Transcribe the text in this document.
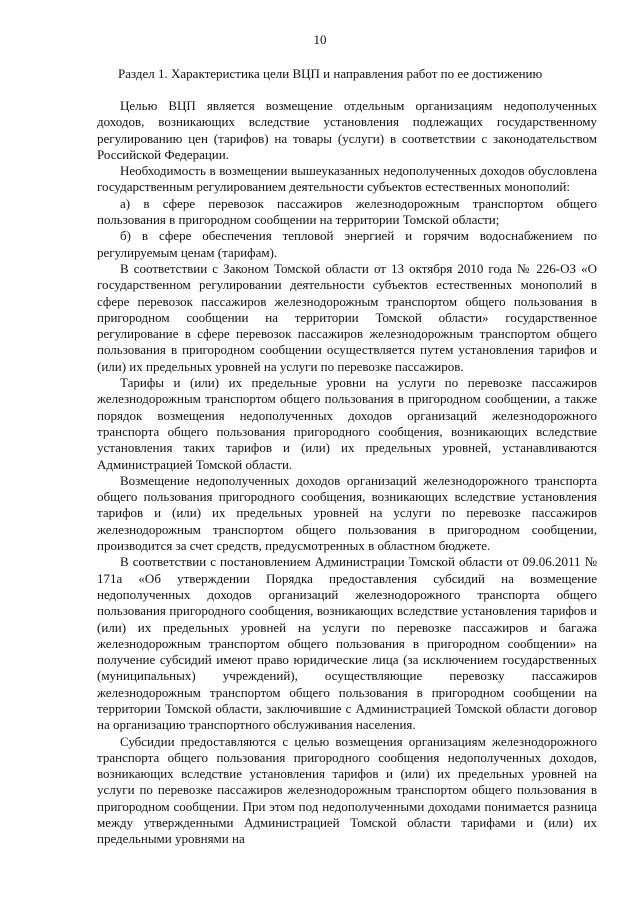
10
Раздел 1. Характеристика цели ВЦП и направления работ по ее достижению

Целью ВЦП является возмещение отдельным организациям недополученных доходов, возникающих вследствие установления подлежащих государственному регулированию цен (тарифов) на товары (услуги) в соответствии с законодательством Российской Федерации.

Необходимость в возмещении вышеуказанных недополученных доходов обусловлена государственным регулированием деятельности субъектов естественных монополий:

а) в сфере перевозок пассажиров железнодорожным транспортом общего пользования в пригородном сообщении на территории Томской области;

б) в сфере обеспечения тепловой энергией и горячим водоснабжением по регулируемым ценам (тарифам).

В соответствии с Законом Томской области от 13 октября 2010 года № 226-ОЗ «О государственном регулировании деятельности субъектов естественных монополий в сфере перевозок пассажиров железнодорожным транспортом общего пользования в пригородном сообщении на территории Томской области» государственное регулирование в сфере перевозок пассажиров железнодорожным транспортом общего пользования в пригородном сообщении осуществляется путем установления тарифов и (или) их предельных уровней на услуги по перевозке пассажиров.

Тарифы и (или) их предельные уровни на услуги по перевозке пассажиров железнодорожным транспортом общего пользования в пригородном сообщении, а также порядок возмещения недополученных доходов организаций железнодорожного транспорта общего пользования пригородного сообщения, возникающих вследствие установления таких тарифов и (или) их предельных уровней, устанавливаются Администрацией Томской области.

Возмещение недополученных доходов организаций железнодорожного транспорта общего пользования пригородного сообщения, возникающих вследствие установления тарифов и (или) их предельных уровней на услуги по перевозке пассажиров железнодорожным транспортом общего пользования в пригородном сообщении, производится за счет средств, предусмотренных в областном бюджете.

В соответствии с постановлением Администрации Томской области от 09.06.2011 № 171а «Об утверждении Порядка предоставления субсидий на возмещение недополученных доходов организаций железнодорожного транспорта общего пользования пригородного сообщения, возникающих вследствие установления тарифов и (или) их предельных уровней на услуги по перевозке пассажиров и багажа железнодорожным транспортом общего пользования в пригородном сообщении» на получение субсидий имеют право юридические лица (за исключением государственных (муниципальных) учреждений), осуществляющие перевозку пассажиров железнодорожным транспортом общего пользования в пригородном сообщении на территории Томской области, заключившие с Администрацией Томской области договор на организацию транспортного обслуживания населения.

Субсидии предоставляются с целью возмещения организациям железнодорожного транспорта общего пользования пригородного сообщения недополученных доходов, возникающих вследствие установления тарифов и (или) их предельных уровней на услуги по перевозке пассажиров железнодорожным транспортом общего пользования в пригородном сообщении. При этом под недополученными доходами понимается разница между утвержденными Администрацией Томской области тарифами и (или) их предельными уровнями на
